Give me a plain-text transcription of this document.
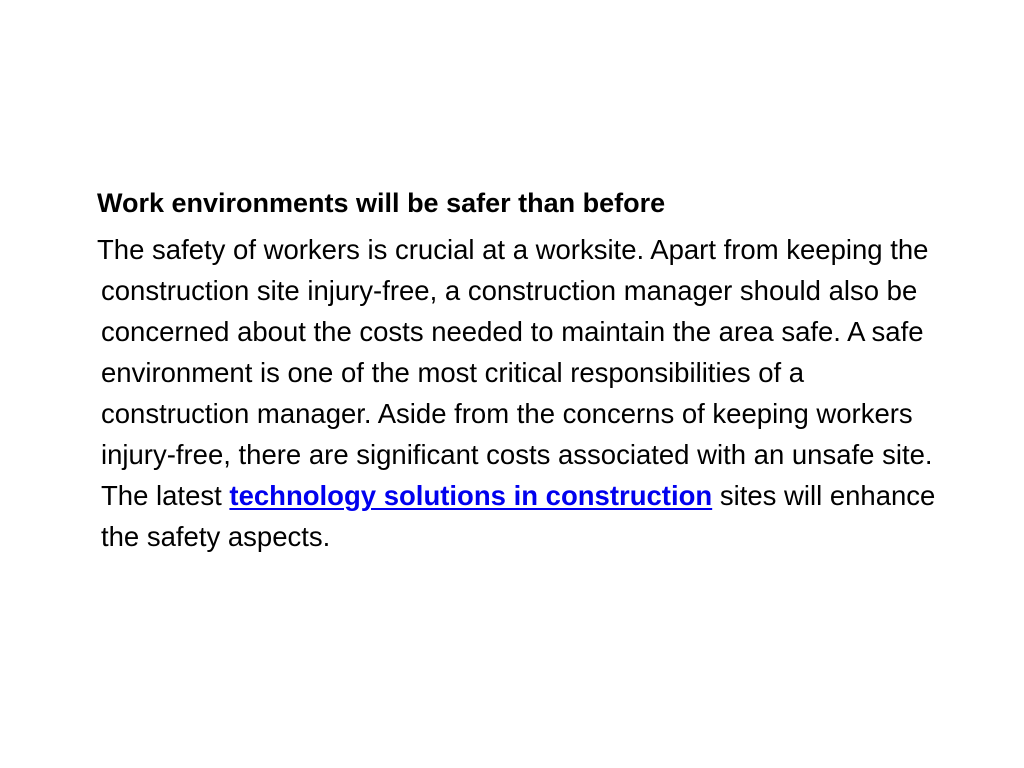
Work environments will be safer than before

The safety of workers is crucial at a worksite. Apart from keeping the construction site injury-free, a construction manager should also be concerned about the costs needed to maintain the area safe. A safe environment is one of the most critical responsibilities of a construction manager. Aside from the concerns of keeping workers injury-free, there are significant costs associated with an unsafe site. The latest technology solutions in construction sites will enhance the safety aspects.
